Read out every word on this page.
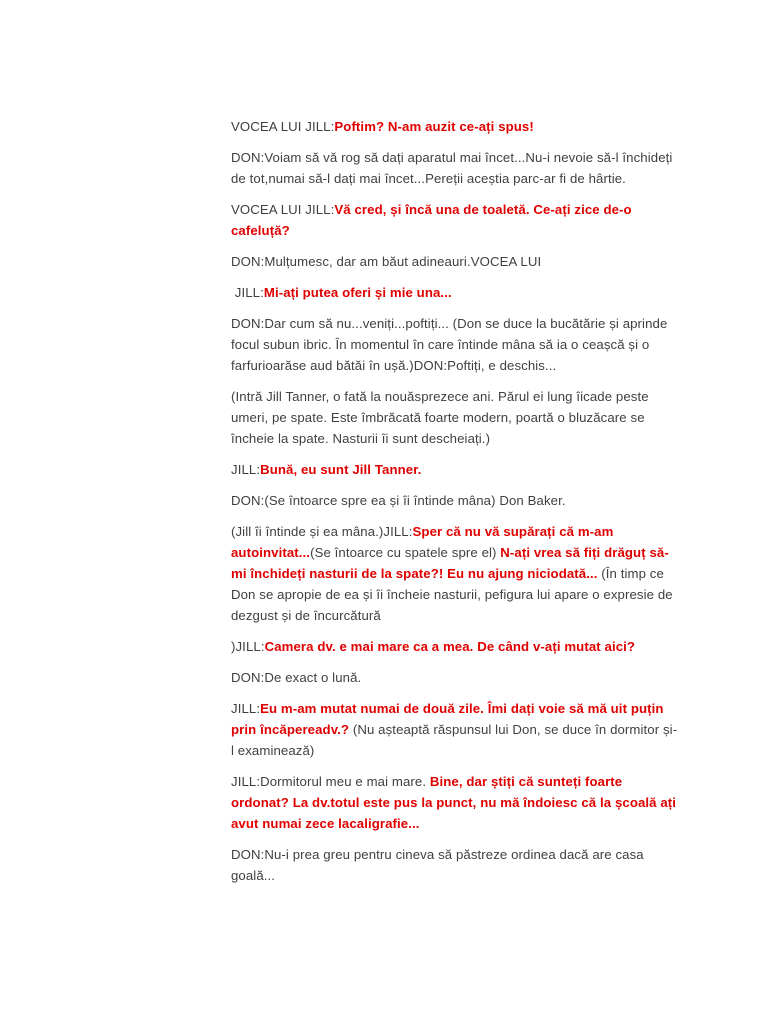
VOCEA LUI JILL:Poftim? N-am auzit ce-ați spus!

DON:Voiam să vă rog să dați aparatul mai încet...Nu-i nevoie să-l închideți de tot,numai să-l dați mai încet...Pereții aceștia parc-ar fi de hârtie.

VOCEA LUI JILL:Vă cred, și încă una de toaletă. Ce-ați zice de-o cafeluță?

DON:Mulțumesc, dar am băut adineauri.VOCEA LUI

JILL:Mi-ați putea oferi și mie una...

DON:Dar cum să nu...veniți...poftiți... (Don se duce la bucătărie și aprinde focul subun ibric. În momentul în care întinde mâna să ia o ceașcă și o farfurioarăse aud bătăi în ușă.)DON:Poftiți, e deschis...

(Intră Jill Tanner, o fată la nouăsprezece ani. Părul ei lung îicade peste umeri, pe spate. Este îmbrăcată foarte modern, poartă o bluzăcare se încheie la spate. Nasturii îi sunt descheiați.)

JILL:Bună, eu sunt Jill Tanner.

DON:(Se întoarce spre ea și îi întinde mâna) Don Baker.

(Jill îi întinde și ea mâna.)JILL:Sper că nu vă supărați că m-am autoinvitat...(Se întoarce cu spatele spre el) N-ați vrea să fiți drăguț să-mi închideți nasturii de la spate?! Eu nu ajung niciodată... (În timp ce Don se apropie de ea și îi încheie nasturii, pefigura lui apare o expresie de dezgust și de încurcătură

)JILL:Camera dv. e mai mare ca a mea. De când v-ați mutat aici?

DON:De exact o lună.

JILL:Eu m-am mutat numai de două zile. Îmi dați voie să mă uit puțin prin încăpereadv.? (Nu așteaptă răspunsul lui Don, se duce în dormitor și-l examinează)

JILL:Dormitorul meu e mai mare. Bine, dar știți că sunteți foarte ordonat? La dv.totul este pus la punct, nu mă îndoiesc că la școală ați avut numai zece lacaligrafie...

DON:Nu-i prea greu pentru cineva să păstreze ordinea dacă are casa goală...
